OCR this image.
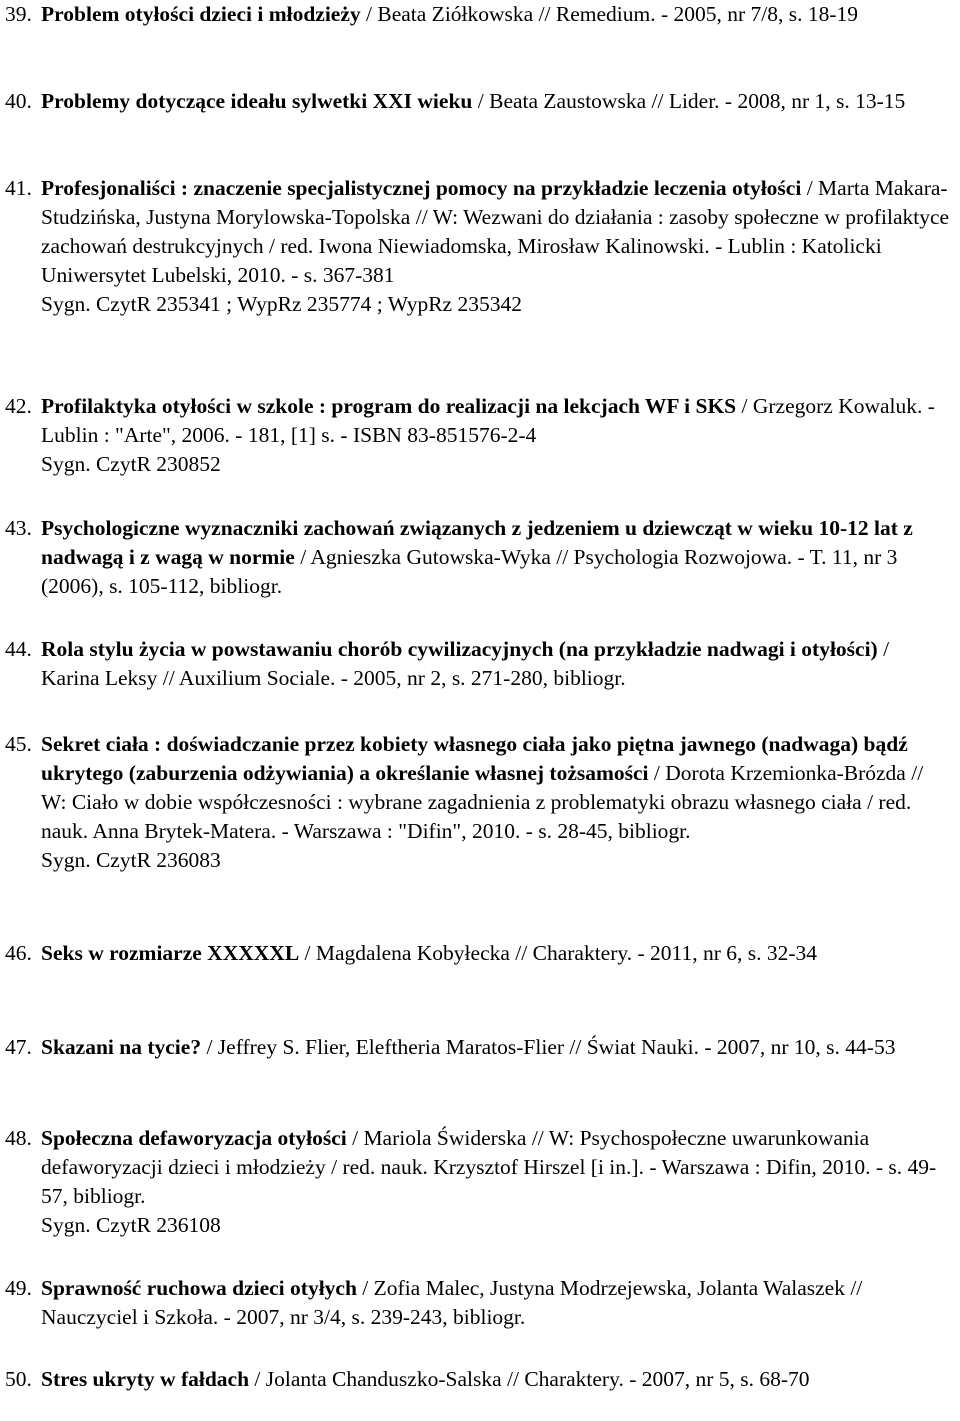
39. Problem otyłości dzieci i młodzieży / Beata Ziółkowska // Remedium. - 2005, nr 7/8, s. 18-19
40. Problemy dotyczące ideału sylwetki XXI wieku / Beata Zaustowska // Lider. - 2008, nr 1, s. 13-15
41. Profesjonaliści : znaczenie specjalistycznej pomocy na przykładzie leczenia otyłości / Marta Makara-Studzińska, Justyna Morylowska-Topolska // W: Wezwani do działania : zasoby społeczne w profilaktyce zachowań destrukcyjnych / red. Iwona Niewiadomska, Mirosław Kalinowski. - Lublin : Katolicki Uniwersytet Lubelski, 2010. - s. 367-381
Sygn. CzytR 235341 ; WypRz 235774 ; WypRz 235342
42. Profilaktyka otyłości w szkole : program do realizacji na lekcjach WF i SKS / Grzegorz Kowaluk. - Lublin : "Arte", 2006. - 181, [1] s. - ISBN 83-851576-2-4
Sygn. CzytR 230852
43. Psychologiczne wyznaczniki zachowań związanych z jedzeniem u dziewcząt w wieku 10-12 lat z nadwagą i z wagą w normie / Agnieszka Gutowska-Wyka // Psychologia Rozwojowa. - T. 11, nr 3 (2006), s. 105-112, bibliogr.
44. Rola stylu życia w powstawaniu chorób cywilizacyjnych (na przykładzie nadwagi i otyłości) / Karina Leksy // Auxilium Sociale. - 2005, nr 2, s. 271-280, bibliogr.
45. Sekret ciała : doświadczanie przez kobiety własnego ciała jako piętna jawnego (nadwaga) bądź ukrytego (zaburzenia odżywiania) a określanie własnej tożsamości / Dorota Krzemionka-Brózda // W: Ciało w dobie współczesności : wybrane zagadnienia z problematyki obrazu własnego ciała / red. nauk. Anna Brytek-Matera. - Warszawa : "Difin", 2010. - s. 28-45, bibliogr.
Sygn. CzytR 236083
46. Seks w rozmiarze XXXXXL / Magdalena Kobyłecka // Charaktery. - 2011, nr 6, s. 32-34
47. Skazani na tycie? / Jeffrey S. Flier, Eleftheria Maratos-Flier // Świat Nauki. - 2007, nr 10, s. 44-53
48. Społeczna defaworyzacja otyłości / Mariola Świderska // W: Psychospołeczne uwarunkowania defaworyzacji dzieci i młodzieży / red. nauk. Krzysztof Hirszel [i in.]. - Warszawa : Difin, 2010. - s. 49-57, bibliogr.
Sygn. CzytR 236108
49. Sprawność ruchowa dzieci otyłych / Zofia Malec, Justyna Modrzejewska, Jolanta Walaszek // Nauczyciel i Szkoła. - 2007, nr 3/4, s. 239-243, bibliogr.
50. Stres ukryty w fałdach / Jolanta Chanduszko-Salska // Charaktery. - 2007, nr 5, s. 68-70
